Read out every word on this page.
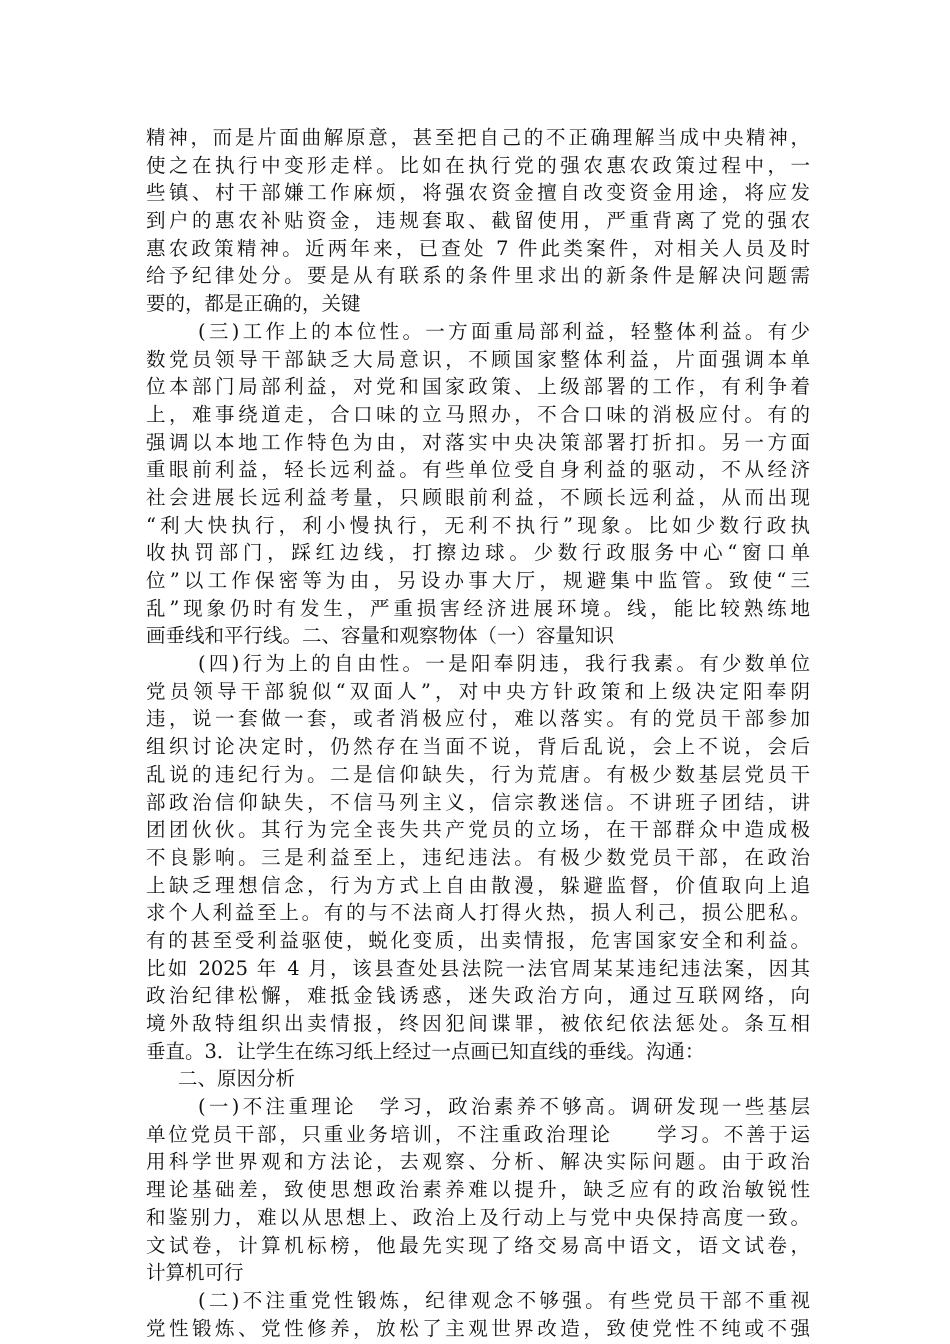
精神，而是片面曲解原意，甚至把自己的不正确理解当成中央精神，
使之在执行中变形走样。比如在执行党的强农惠农政策过程中，一
些镇、村干部嫌工作麻烦，将强农资金擅自改变资金用途，将应发
到户的惠农补贴资金，违规套取、截留使用，严重背离了党的强农
惠农政策精神。近两年来，已查处 7 件此类案件，对相关人员及时
给予纪律处分。要是从有联系的条件里求出的新条件是解决问题需
要的，都是正确的，关键
(三)工作上的本位性。一方面重局部利益，轻整体利益。有少
数党员领导干部缺乏大局意识，不顾国家整体利益，片面强调本单
位本部门局部利益，对党和国家政策、上级部署的工作，有利争着
上，难事绕道走，合口味的立马照办，不合口味的消极应付。有的
强调以本地工作特色为由，对落实中央决策部署打折扣。另一方面
重眼前利益，轻长远利益。有些单位受自身利益的驱动，不从经济
社会进展长远利益考量，只顾眼前利益，不顾长远利益，从而出现
“利大快执行，利小慢执行，无利不执行”现象。比如少数行政执
收执罚部门，踩红边线，打擦边球。少数行政服务中心“窗口单
位”以工作保密等为由，另设办事大厅，规避集中监管。致使“三
乱”现象仍时有发生，严重损害经济进展环境。线，能比较熟练地
画垂线和平行线。二、容量和观察物体（一）容量知识
(四)行为上的自由性。一是阳奉阴违，我行我素。有少数单位
党员领导干部貌似“双面人”，对中央方针政策和上级决定阳奉阴
违，说一套做一套，或者消极应付，难以落实。有的党员干部参加
组织讨论决定时，仍然存在当面不说，背后乱说，会上不说，会后
乱说的违纪行为。二是信仰缺失，行为荒唐。有极少数基层党员干
部政治信仰缺失，不信马列主义，信宗教迷信。不讲班子团结，讲
团团伙伙。其行为完全丧失共产党员的立场，在干部群众中造成极
不良影响。三是利益至上，违纪违法。有极少数党员干部，在政治
上缺乏理想信念，行为方式上自由散漫，躲避监督，价值取向上追
求个人利益至上。有的与不法商人打得火热，损人利己，损公肥私。
有的甚至受利益驱使，蜕化变质，出卖情报，危害国家安全和利益。
比如 2025 年 4 月，该县查处县法院一法官周某某违纪违法案，因其
政治纪律松懈，难抵金钱诱惑，迷失政治方向，通过互联网络，向
境外敌特组织出卖情报，终因犯间谍罪，被依纪依法惩处。条互相
垂直。3．让学生在练习纸上经过一点画已知直线的垂线。沟通：
二、原因分析
(一)不注重理论　学习，政治素养不够高。调研发现一些基层
单位党员干部，只重业务培训，不注重政治理论　　学习。不善于运
用科学世界观和方法论，去观察、分析、解决实际问题。由于政治
理论基础差，致使思想政治素养难以提升，缺乏应有的政治敏锐性
和鉴别力，难以从思想上、政治上及行动上与党中央保持高度一致。
文试卷，计算机标榜，他最先实现了络交易高中语文，语文试卷，
计算机可行
(二)不注重党性锻炼，纪律观念不够强。有些党员干部不重视
党性锻炼、党性修养，放松了主观世界改造，致使党性不纯或不强
